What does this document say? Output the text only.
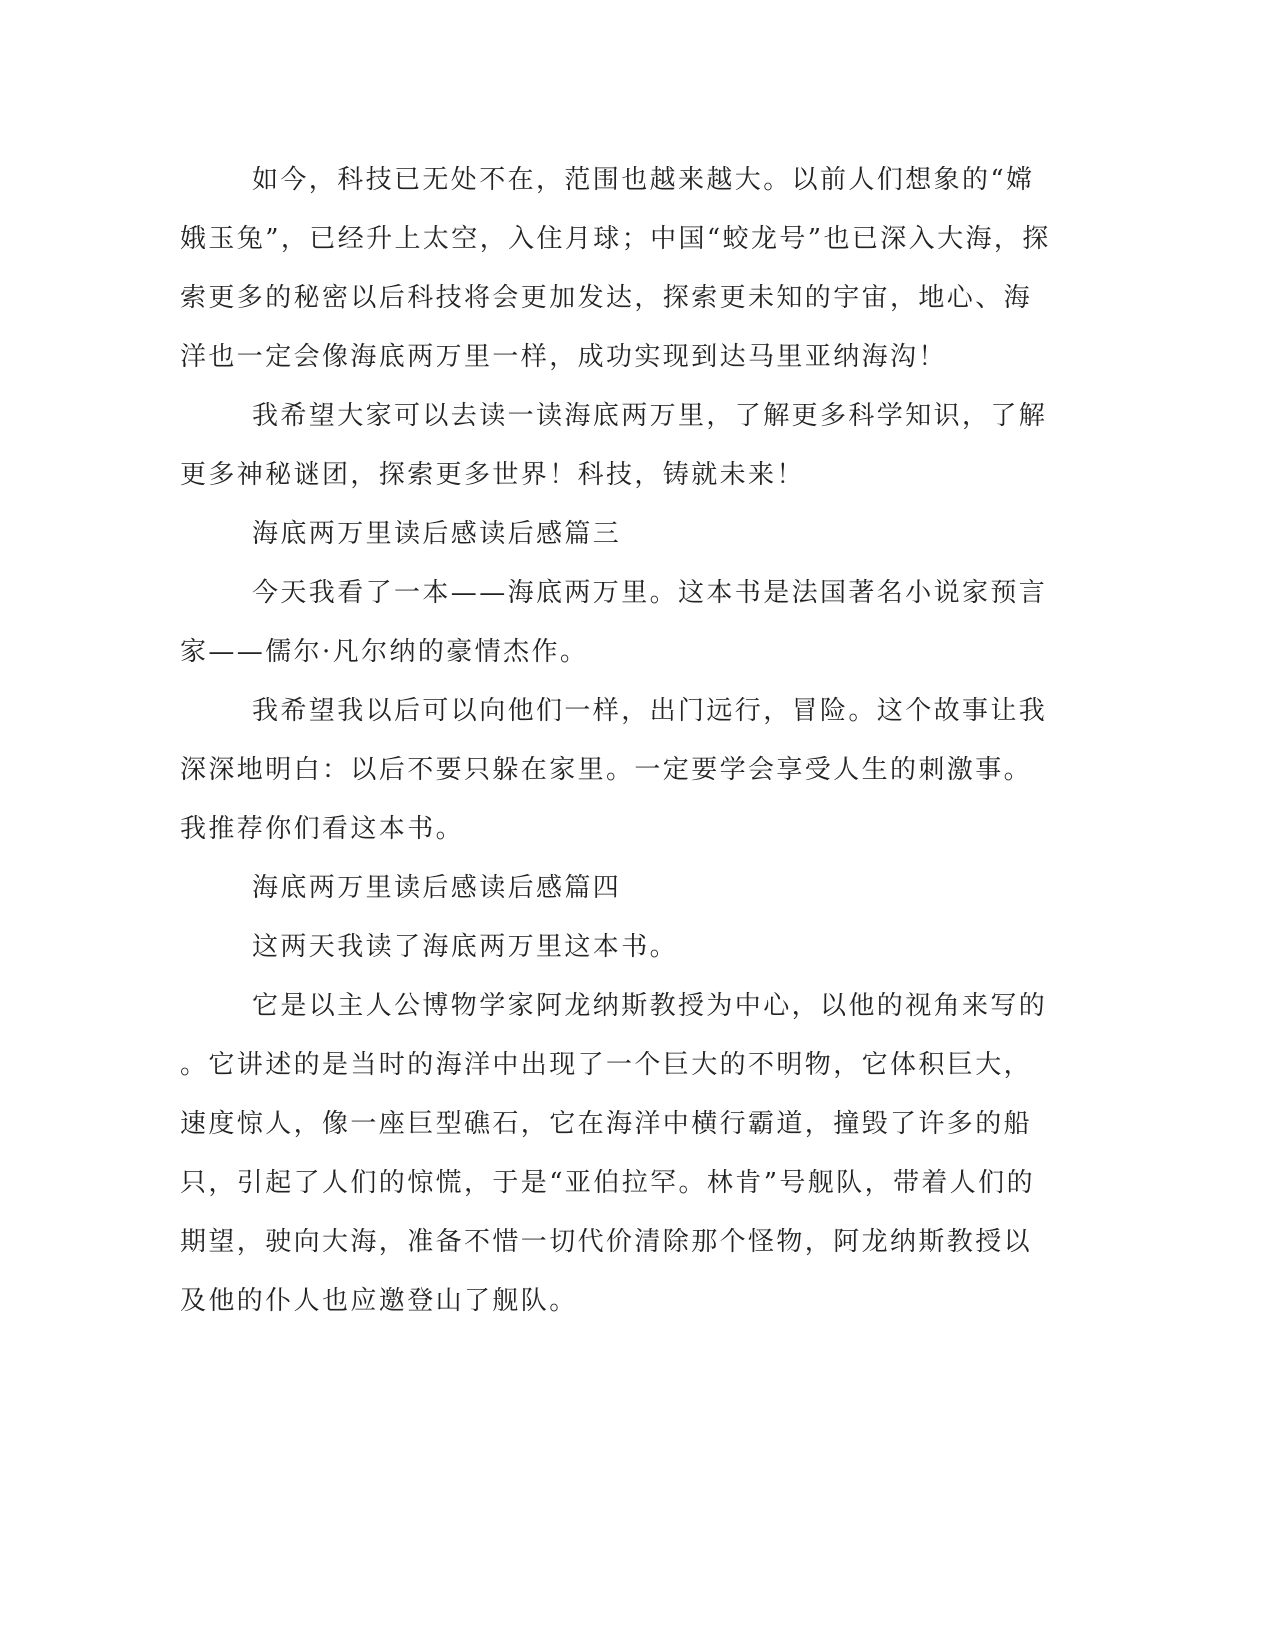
如今，科技已无处不在，范围也越来越大。以前人们想象的“嫦
娥玉兔”，已经升上太空，入住月球；中国“蛟龙号”也已深入大海，探
索更多的秘密以后科技将会更加发达，探索更未知的宇宙，地心、海
洋也一定会像海底两万里一样，成功实现到达马里亚纳海沟！
我希望大家可以去读一读海底两万里，了解更多科学知识，了解
更多神秘谜团，探索更多世界！科技，铸就未来！
海底两万里读后感读后感篇三
今天我看了一本——海底两万里。这本书是法国著名小说家预言
家——儒尔·凡尔纳的豪情杰作。
我希望我以后可以向他们一样，出门远行，冒险。这个故事让我
深深地明白：以后不要只躲在家里。一定要学会享受人生的刺激事。
我推荐你们看这本书。
海底两万里读后感读后感篇四
这两天我读了海底两万里这本书。
它是以主人公博物学家阿龙纳斯教授为中心，以他的视角来写的
。它讲述的是当时的海洋中出现了一个巨大的不明物，它体积巨大，
速度惊人，像一座巨型礁石，它在海洋中横行霸道，撞毁了许多的船
只，引起了人们的惊慌，于是“亚伯拉罕。林肯”号舰队，带着人们的
期望，驶向大海，准备不惜一切代价清除那个怪物，阿龙纳斯教授以
及他的仆人也应邀登山了舰队。
